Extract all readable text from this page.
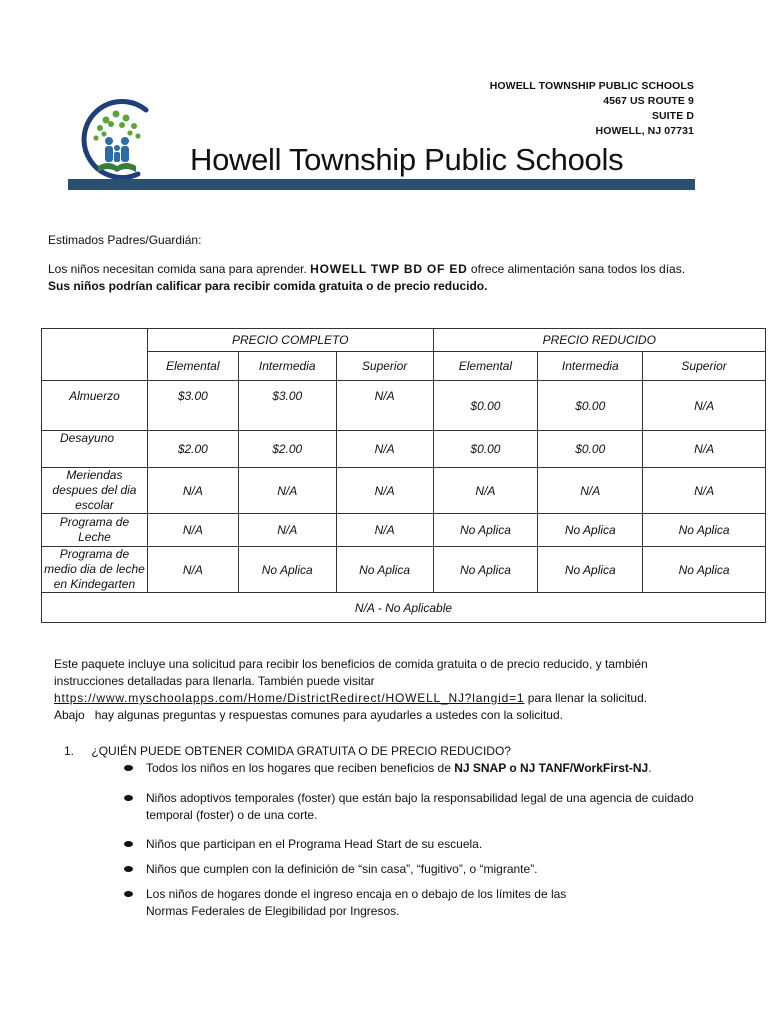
HOWELL TOWNSHIP PUBLIC SCHOOLS
4567 US ROUTE 9
SUITE D
HOWELL, NJ 07731
Howell Township Public Schools
Estimados Padres/Guardián:
Los niños necesitan comida sana para aprender. HOWELL TWP BD OF ED ofrece alimentación sana todos los días.
Sus niños podrían calificar para recibir comida gratuita o de precio reducido.
	PRECIO COMPLETO			PRECIO REDUCIDO		
	Elemental	Intermedia	Superior	Elemental	Intermedia	Superior
Almuerzo	$3.00	$3.00	N/A	$0.00	$0.00	N/A
Desayuno	$2.00	$2.00	N/A	$0.00	$0.00	N/A
Meriendas despues del dia escolar	N/A	N/A	N/A	N/A	N/A	N/A
Programa de Leche	N/A	N/A	N/A	No Aplica	No Aplica	No Aplica
Programa de medio dia de leche en Kindegarten	N/A	No Aplica	No Aplica	No Aplica	No Aplica	No Aplica
N/A - No Aplicable						
Este paquete incluye una solicitud para recibir los beneficios de comida gratuita o de precio reducido, y también
instrucciones detalladas para llenarla. También puede visitar
https://www.myschoolapps.com/Home/DistrictRedirect/HOWELL_NJ?langid=1 para llenar la solicitud.
Abajo   hay algunas preguntas y respuestas comunes para ayudarles a ustedes con la solicitud.
1. ¿QUIÉN PUEDE OBTENER COMIDA GRATUITA O DE PRECIO REDUCIDO?
Todos los niños en los hogares que reciben beneficios de NJ SNAP o NJ TANF/WorkFirst-NJ.
Niños adoptivos temporales (foster) que están bajo la responsabilidad legal de una agencia de cuidado temporal (foster) o de una corte.
Niños que participan en el Programa Head Start de su escuela.
Niños que cumplen con la definición de “sin casa”, “fugitivo”, o “migrante”.
Los niños de hogares donde el ingreso encaja en o debajo de los límites de las Normas Federales de Elegibilidad por Ingresos.
